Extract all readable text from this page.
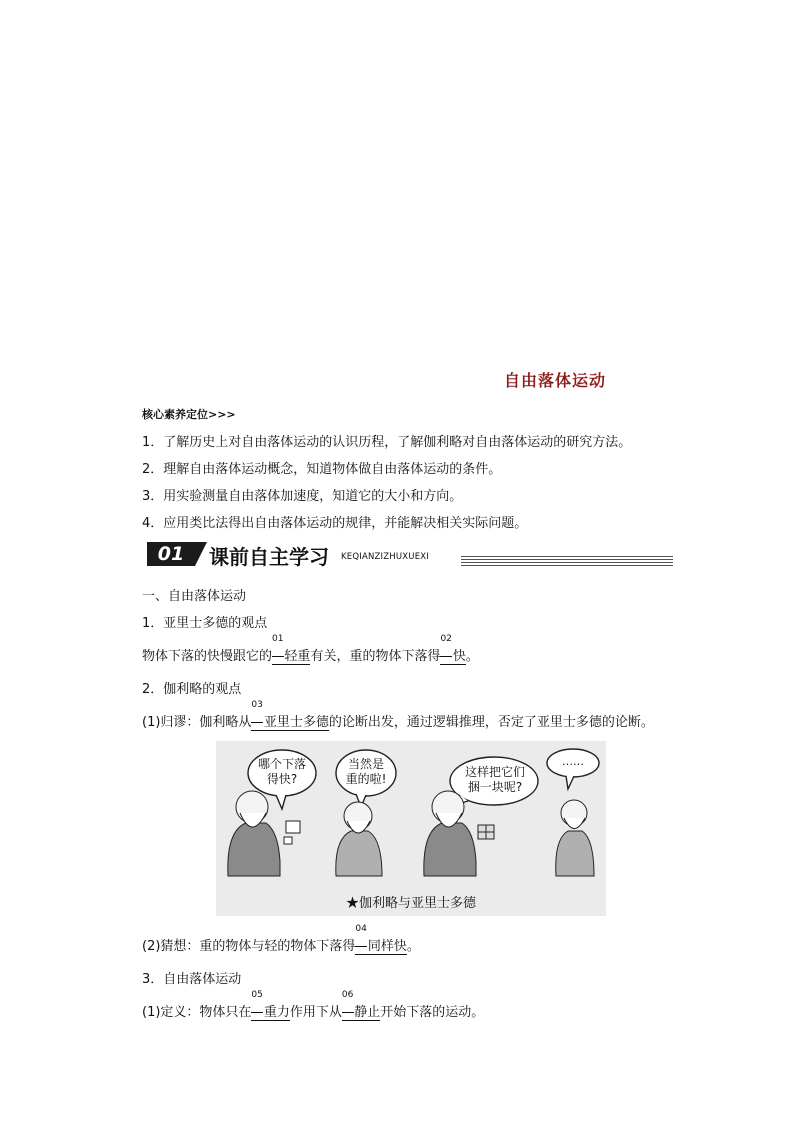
自由落体运动
核心素养定位>>>
1．了解历史上对自由落体运动的认识历程，了解伽利略对自由落体运动的研究方法。
2．理解自由落体运动概念，知道物体做自由落体运动的条件。
3．用实验测量自由落体加速度，知道它的大小和方向。
4．应用类比法得出自由落体运动的规律，并能解决相关实际问题。
01	课前自主学习 KEQIANZIZHUXUEXI
一、自由落体运动
1．亚里士多德的观点
物体下落的快慢跟它的
01
轻重有关，重的物体下落得
02
快。
2．伽利略的观点
(1)归谬：伽利略从
03
亚里士多德的论断出发，通过逻辑推理，否定了亚里士多德的论断。
哪个下落得快?
当然是重的啦!	这样把它们捆一块呢?
……
★伽利略与亚里士多德
(2)猜想：重的物体与轻的物体下落得
04
同样快。
3．自由落体运动
(1)定义：物体只在
05
重力作用下从
06
静止开始下落的运动。
